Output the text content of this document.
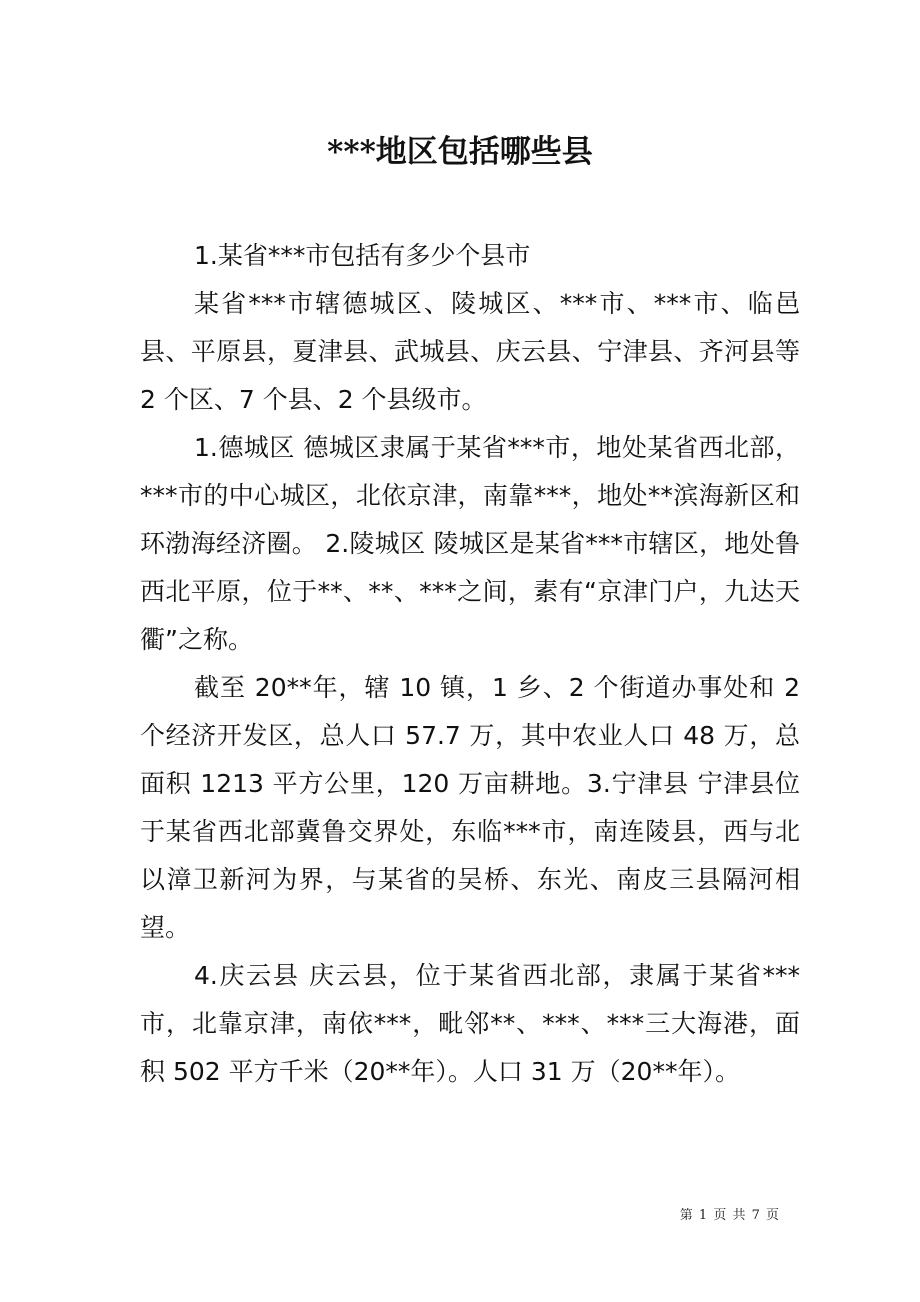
***地区包括哪些县

1.某省***市包括有多少个县市

某省***市辖德城区、陵城区、***市、***市、临邑县、平原县，夏津县、武城县、庆云县、宁津县、齐河县等 2 个区、7 个县、2 个县级市。

1.德城区 德城区隶属于某省***市，地处某省西北部，***市的中心城区，北依京津，南靠***，地处**滨海新区和环渤海经济圈。 2.陵城区 陵城区是某省***市辖区，地处鲁西北平原，位于**、**、***之间，素有“京津门户，九达天衢”之称。

截至 20**年，辖 10 镇，1 乡、2 个街道办事处和 2 个经济开发区，总人口 57.7 万，其中农业人口 48 万，总面积 1213 平方公里，120 万亩耕地。3.宁津县 宁津县位于某省西北部冀鲁交界处，东临***市，南连陵县，西与北以漳卫新河为界，与某省的吴桥、东光、南皮三县隔河相望。

4.庆云县 庆云县，位于某省西北部，隶属于某省***市，北靠京津，南依***，毗邻**、***、***三大海港，面积 502 平方千米（20**年）。人口 31 万（20**年）。

第 1 页 共 7 页
